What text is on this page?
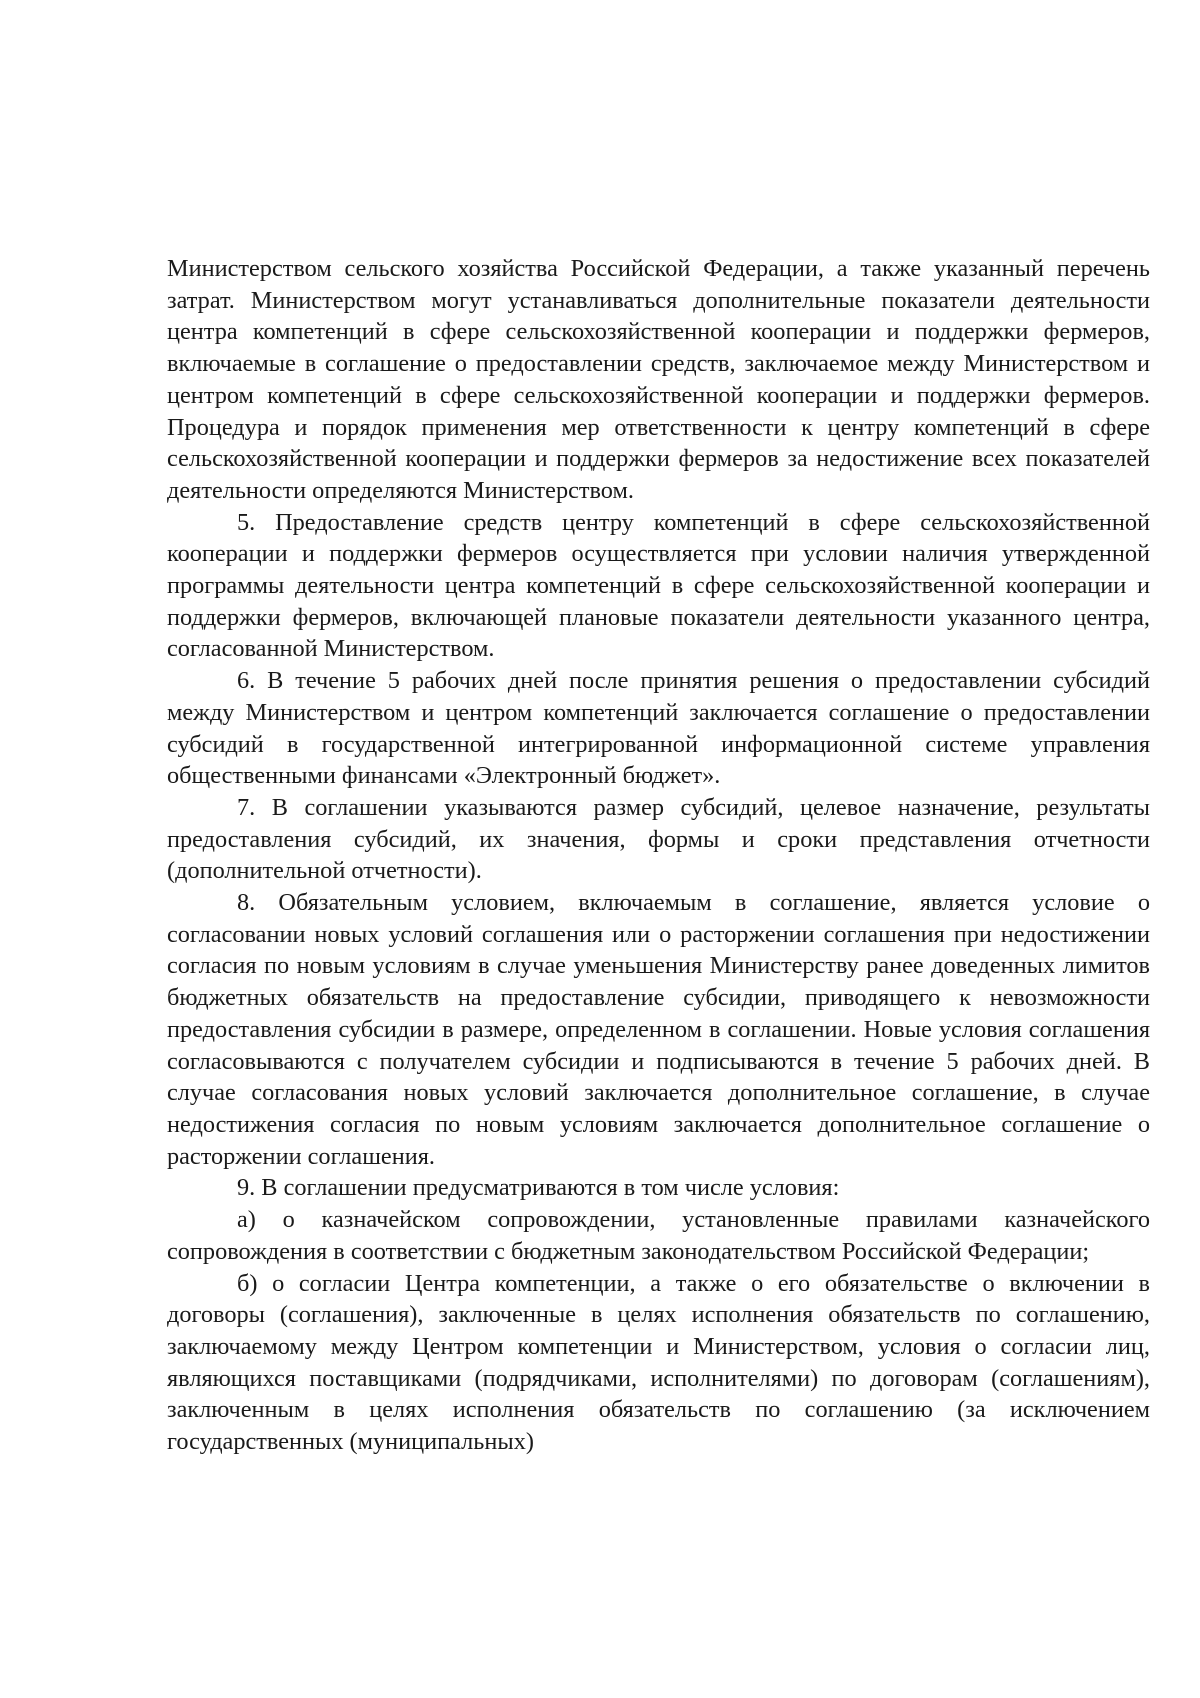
Министерством сельского хозяйства Российской Федерации, а также указанный перечень затрат. Министерством могут устанавливаться дополнительные показатели деятельности центра компетенций в сфере сельскохозяйственной кооперации и поддержки фермеров, включаемые в соглашение о предоставлении средств, заключаемое между Министерством и центром компетенций в сфере сельскохозяйственной кооперации и поддержки фермеров. Процедура и порядок применения мер ответственности к центру компетенций в сфере сельскохозяйственной кооперации и поддержки фермеров за недостижение всех показателей деятельности определяются Министерством.

5. Предоставление средств центру компетенций в сфере сельскохозяйственной кооперации и поддержки фермеров осуществляется при условии наличия утвержденной программы деятельности центра компетенций в сфере сельскохозяйственной кооперации и поддержки фермеров, включающей плановые показатели деятельности указанного центра, согласованной Министерством.

6. В течение 5 рабочих дней после принятия решения о предоставлении субсидий между Министерством и центром компетенций заключается соглашение о предоставлении субсидий в государственной интегрированной информационной системе управления общественными финансами «Электронный бюджет».

7. В соглашении указываются размер субсидий, целевое назначение, результаты предоставления субсидий, их значения, формы и сроки представления отчетности (дополнительной отчетности).

8. Обязательным условием, включаемым в соглашение, является условие о согласовании новых условий соглашения или о расторжении соглашения при недостижении согласия по новым условиям в случае уменьшения Министерству ранее доведенных лимитов бюджетных обязательств на предоставление субсидии, приводящего к невозможности предоставления субсидии в размере, определенном в соглашении. Новые условия соглашения согласовываются с получателем субсидии и подписываются в течение 5 рабочих дней. В случае согласования новых условий заключается дополнительное соглашение, в случае недостижения согласия по новым условиям заключается дополнительное соглашение о расторжении соглашения.

9. В соглашении предусматриваются в том числе условия:

а) о казначейском сопровождении, установленные правилами казначейского сопровождения в соответствии с бюджетным законодательством Российской Федерации;

б) о согласии Центра компетенции, а также о его обязательстве о включении в договоры (соглашения), заключенные в целях исполнения обязательств по соглашению, заключаемому между Центром компетенции и Министерством, условия о согласии лиц, являющихся поставщиками (подрядчиками, исполнителями) по договорам (соглашениям), заключенным в целях исполнения обязательств по соглашению (за исключением государственных (муниципальных)
